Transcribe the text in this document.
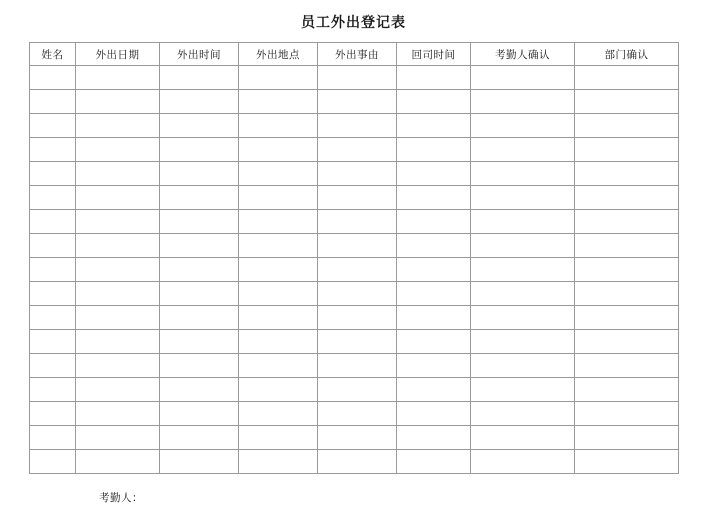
员工外出登记表
姓名	外出日期	外出时间	外出地点	外出事由	回司时间	考勤人确认	部门确认

考勤人：
